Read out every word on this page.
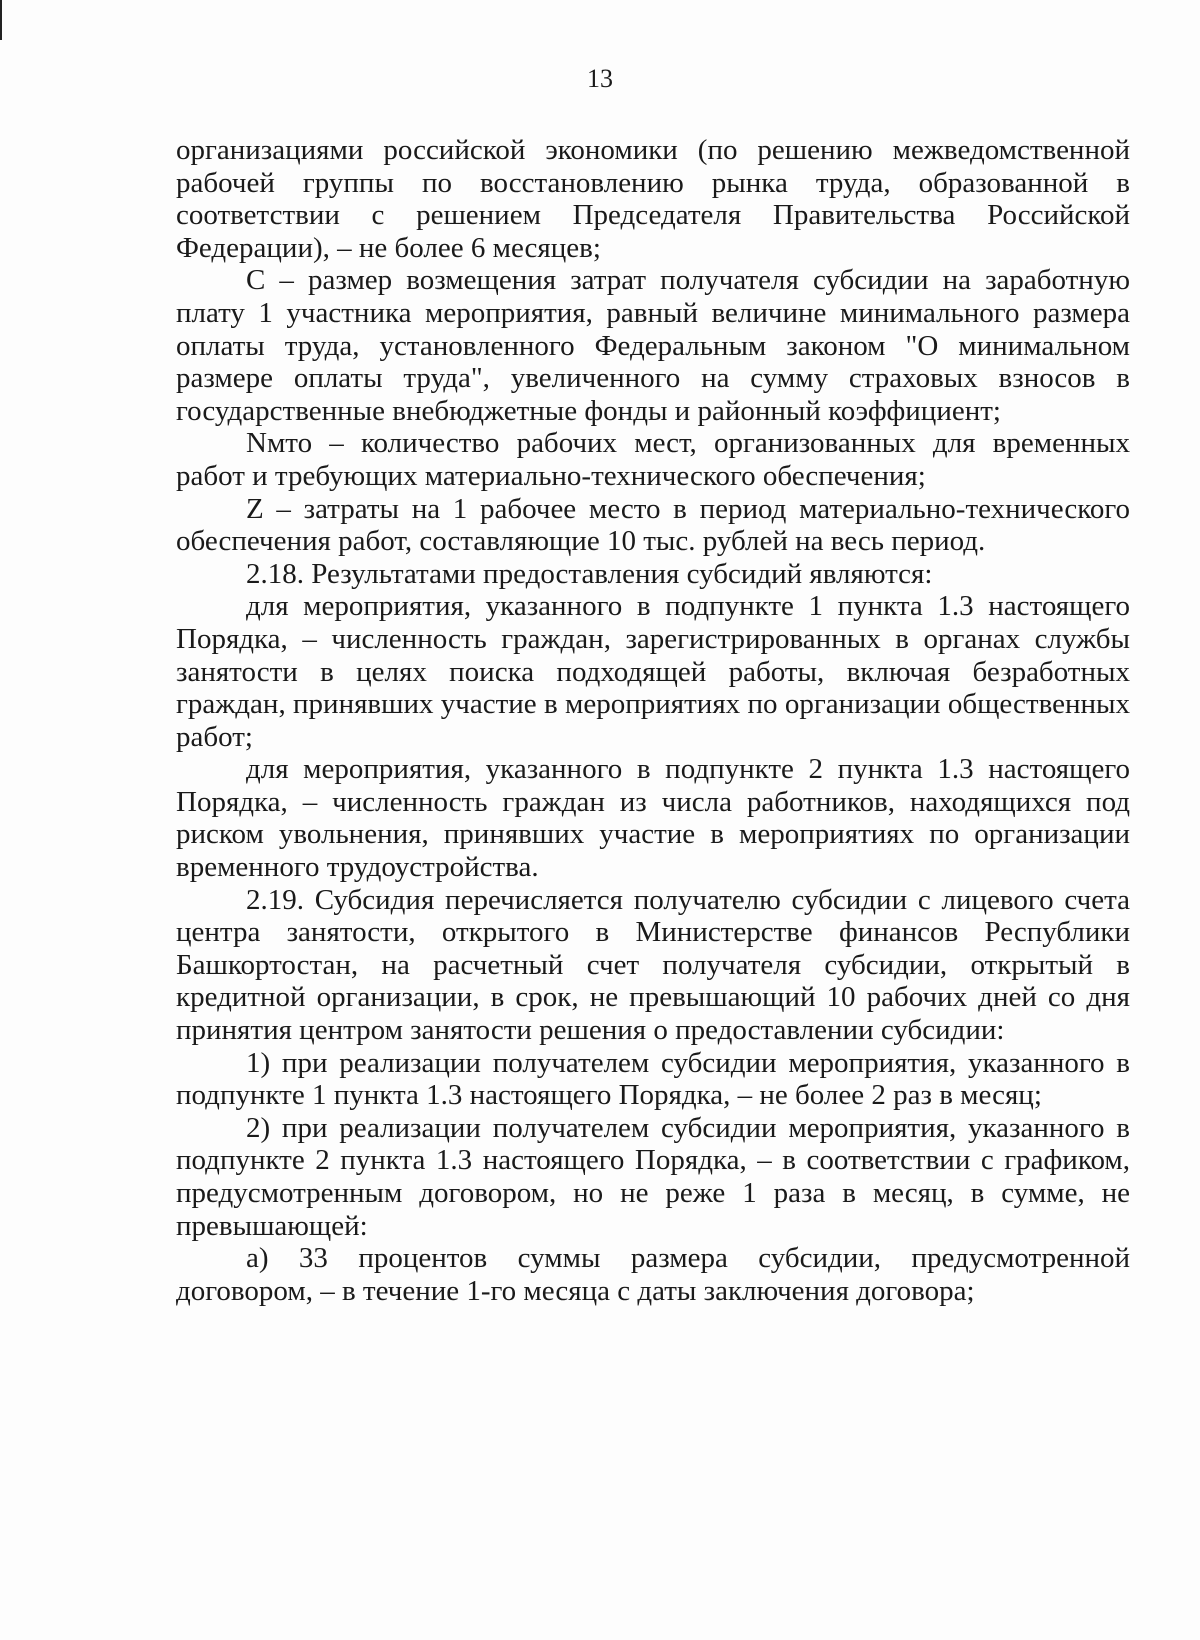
13

организациями российской экономики (по решению межведомственной рабочей группы по восстановлению рынка труда, образованной в соответствии с решением Председателя Правительства Российской Федерации), – не более 6 месяцев;

С – размер возмещения затрат получателя субсидии на заработную плату 1 участника мероприятия, равный величине минимального размера оплаты труда, установленного Федеральным законом "О минимальном размере оплаты труда", увеличенного на сумму страховых взносов в государственные внебюджетные фонды и районный коэффициент;

Nмто – количество рабочих мест, организованных для временных работ и требующих материально-технического обеспечения;

Z – затраты на 1 рабочее место в период материально-технического обеспечения работ, составляющие 10 тыс. рублей на весь период.

2.18. Результатами предоставления субсидий являются:

для мероприятия, указанного в подпункте 1 пункта 1.3 настоящего Порядка, – численность граждан, зарегистрированных в органах службы занятости в целях поиска подходящей работы, включая безработных граждан, принявших участие в мероприятиях по организации общественных работ;

для мероприятия, указанного в подпункте 2 пункта 1.3 настоящего Порядка, – численность граждан из числа работников, находящихся под риском увольнения, принявших участие в мероприятиях по организации временного трудоустройства.

2.19. Субсидия перечисляется получателю субсидии с лицевого счета центра занятости, открытого в Министерстве финансов Республики Башкортостан, на расчетный счет получателя субсидии, открытый в кредитной организации, в срок, не превышающий 10 рабочих дней со дня принятия центром занятости решения о предоставлении субсидии:

1) при реализации получателем субсидии мероприятия, указанного в подпункте 1 пункта 1.3 настоящего Порядка, – не более 2 раз в месяц;

2) при реализации получателем субсидии мероприятия, указанного в подпункте 2 пункта 1.3 настоящего Порядка, – в соответствии с графиком, предусмотренным договором, но не реже 1 раза в месяц, в сумме, не превышающей:

а) 33 процентов суммы размера субсидии, предусмотренной договором, – в течение 1-го месяца с даты заключения договора;
